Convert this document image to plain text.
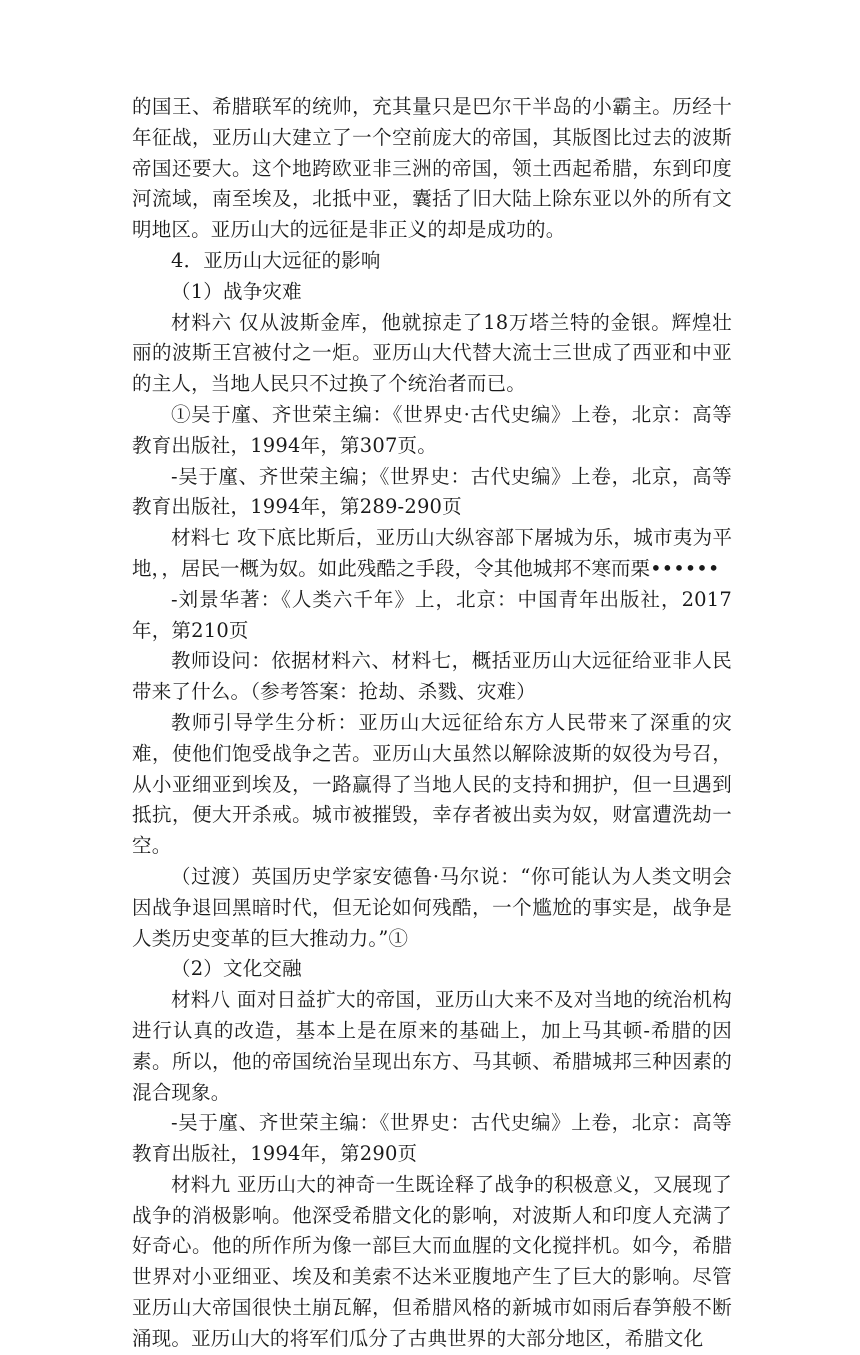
的国王、希腊联军的统帅，充其量只是巴尔干半岛的小霸主。历经十年征战，亚历山大建立了一个空前庞大的帝国，其版图比过去的波斯帝国还要大。这个地跨欧亚非三洲的帝国，领土西起希腊，东到印度河流域，南至埃及，北抵中亚，囊括了旧大陆上除东亚以外的所有文明地区。亚历山大的远征是非正义的却是成功的。

4．亚历山大远征的影响

（1）战争灾难

材料六 仅从波斯金库，他就掠走了18万塔兰特的金银。辉煌壮丽的波斯王宫被付之一炬。亚历山大代替大流士三世成了西亚和中亚的主人，当地人民只不过换了个统治者而已。

①吴于廑、齐世荣主编：《世界史·古代史编》上卷，北京：高等教育出版社，1994年，第307页。

-吴于廑、齐世荣主编；《世界史：古代史编》上卷，北京，高等教育出版社，1994年，第289-290页

材料七 攻下底比斯后，亚历山大纵容部下屠城为乐，城市夷为平地，，居民一概为奴。如此残酷之手段，令其他城邦不寒而栗••••••

-刘景华著：《人类六千年》上，北京：中国青年出版社，2017年，第210页

教师设问：依据材料六、材料七，概括亚历山大远征给亚非人民带来了什么。（参考答案：抢劫、杀戮、灾难）

教师引导学生分析：亚历山大远征给东方人民带来了深重的灾难，使他们饱受战争之苦。亚历山大虽然以解除波斯的奴役为号召，从小亚细亚到埃及，一路赢得了当地人民的支持和拥护，但一旦遇到抵抗，便大开杀戒。城市被摧毁，幸存者被出卖为奴，财富遭洗劫一空。

（过渡）英国历史学家安德鲁·马尔说：“你可能认为人类文明会因战争退回黑暗时代，但无论如何残酷，一个尴尬的事实是，战争是人类历史变革的巨大推动力。”①

（2）文化交融

材料八 面对日益扩大的帝国，亚历山大来不及对当地的统治机构进行认真的改造，基本上是在原来的基础上，加上马其顿-希腊的因素。所以，他的帝国统治呈现出东方、马其顿、希腊城邦三种因素的混合现象。

-吴于廑、齐世荣主编：《世界史：古代史编》上卷，北京：高等教育出版社，1994年，第290页

材料九 亚历山大的神奇一生既诠释了战争的积极意义，又展现了战争的消极影响。他深受希腊文化的影响，对波斯人和印度人充满了好奇心。他的所作所为像一部巨大而血腥的文化搅拌机。如今，希腊世界对小亚细亚、埃及和美索不达米亚腹地产生了巨大的影响。尽管亚历山大帝国很快土崩瓦解，但希腊风格的新城市如雨后春笋般不断涌现。亚历山大的将军们瓜分了古典世界的大部分地区，希腊文化
